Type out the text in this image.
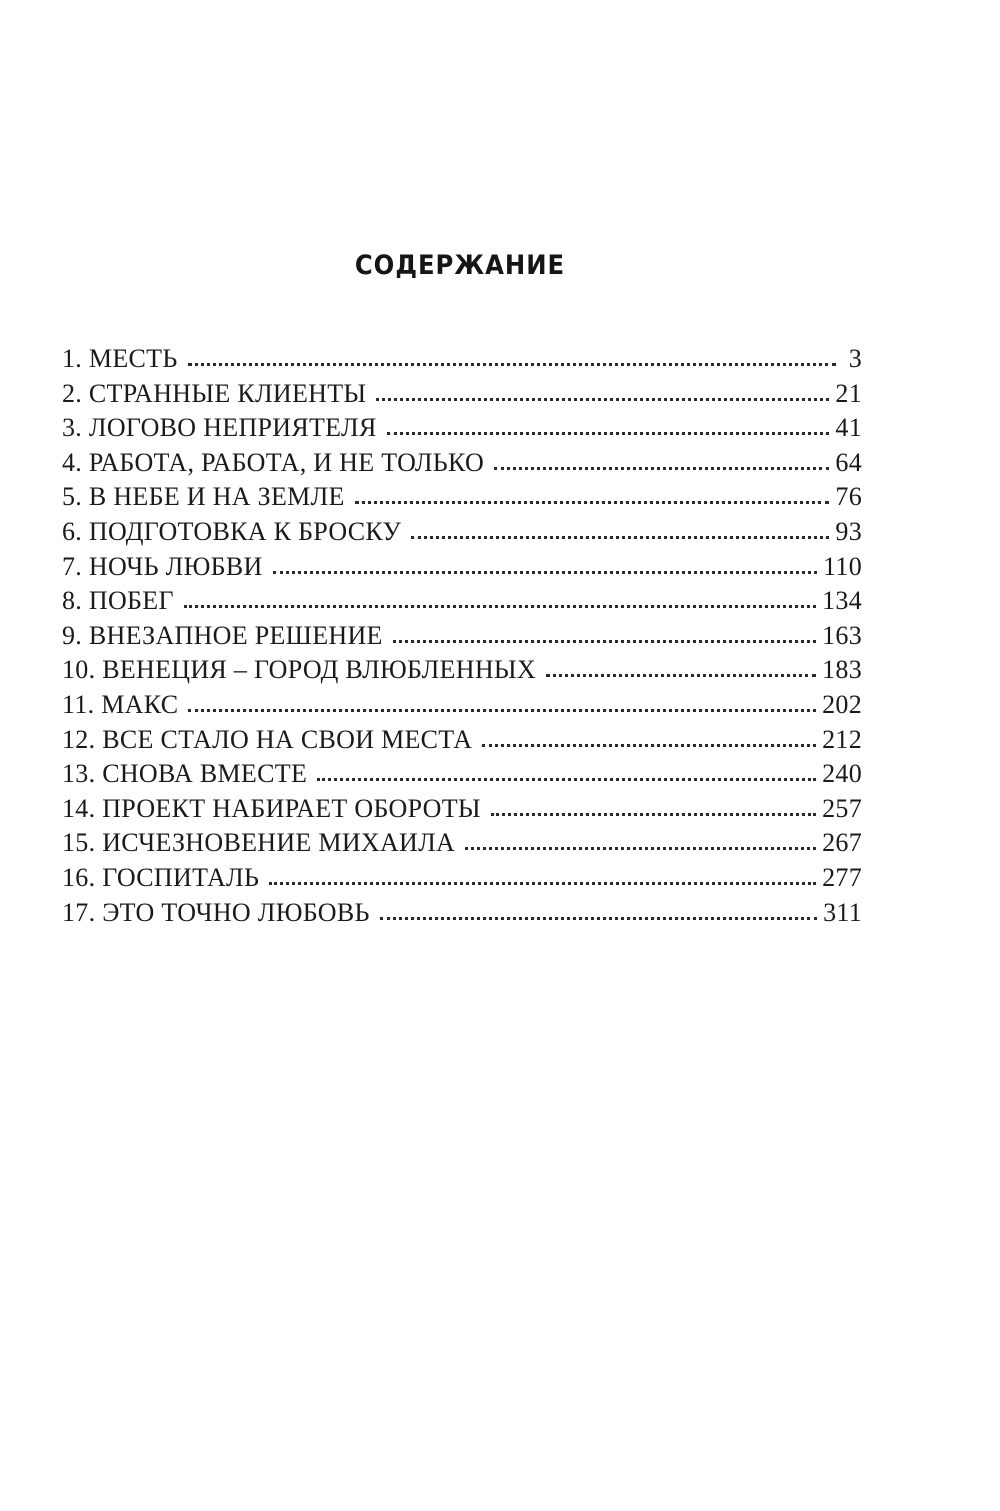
СОДЕРЖАНИЕ
1. МЕСТЬ	3
2. СТРАННЫЕ КЛИЕНТЫ	21
3. ЛОГОВО НЕПРИЯТЕЛЯ	41
4. РАБОТА, РАБОТА, И НЕ ТОЛЬКО	64
5. В НЕБЕ И НА ЗЕМЛЕ	76
6. ПОДГОТОВКА К БРОСКУ	93
7. НОЧЬ ЛЮБВИ	110
8. ПОБЕГ	134
9. ВНЕЗАПНОЕ РЕШЕНИЕ	163
10. ВЕНЕЦИЯ – ГОРОД ВЛЮБЛЕННЫХ	183
11. МАКС	202
12. ВСЕ СТАЛО НА СВОИ МЕСТА	212
13. СНОВА ВМЕСТЕ	240
14. ПРОЕКТ НАБИРАЕТ ОБОРОТЫ	257
15. ИСЧЕЗНОВЕНИЕ МИХАИЛА	267
16. ГОСПИТАЛЬ	277
17. ЭТО ТОЧНО ЛЮБОВЬ	311
